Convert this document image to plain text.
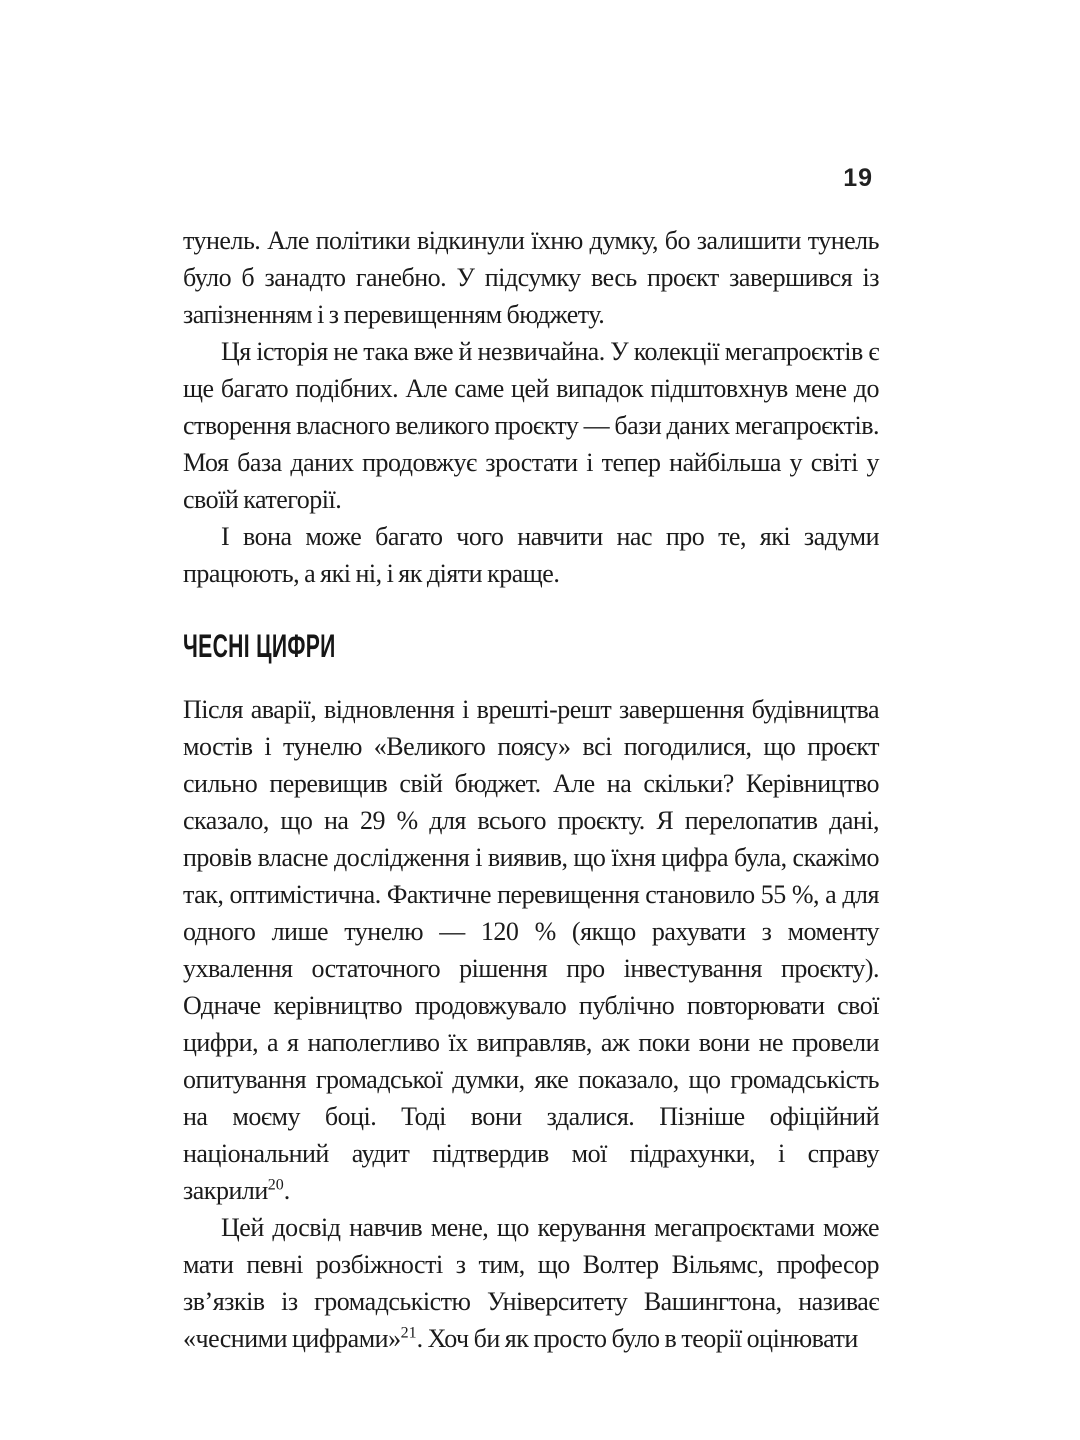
19

тунель. Але політики відкинули їхню думку, бо залишити тунель було б занадто ганебно. У підсумку весь проєкт завершився із запізненням і з перевищенням бюджету.

Ця історія не така вже й незвичайна. У колекції мегапроєктів є ще багато подібних. Але саме цей випадок підштовхнув мене до створення власного великого проєкту — бази даних мегапроєктів. Моя база даних продовжує зростати і тепер найбільша у світі у своїй категорії.

І вона може багато чого навчити нас про те, які задуми працюють, а які ні, і як діяти краще.

ЧЕСНІ ЦИФРИ

Після аварії, відновлення і врешті-решт завершення будівництва мостів і тунелю «Великого поясу» всі погодилися, що проєкт сильно перевищив свій бюджет. Але на скільки? Керівництво сказало, що на 29 % для всього проєкту. Я перелопатив дані, провів власне дослідження і виявив, що їхня цифра була, скажімо так, оптимістична. Фактичне перевищення становило 55 %, а для одного лише тунелю — 120 % (якщо рахувати з моменту ухвалення остаточного рішення про інвестування проєкту). Одначе керівництво продовжувало публічно повторювати свої цифри, а я наполегливо їх виправляв, аж поки вони не провели опитування громадської думки, яке показало, що громадськість на моєму боці. Тоді вони здалися. Пізніше офіційний національний аудит підтвердив мої підрахунки, і справу закрили$^{20}$.

Цей досвід навчив мене, що керування мегапроєктами може мати певні розбіжності з тим, що Волтер Вільямс, професор зв’язків із громадськістю Університету Вашингтона, називає «чесними цифрами»$^{21}$. Хоч би як просто було в теорії оцінювати
